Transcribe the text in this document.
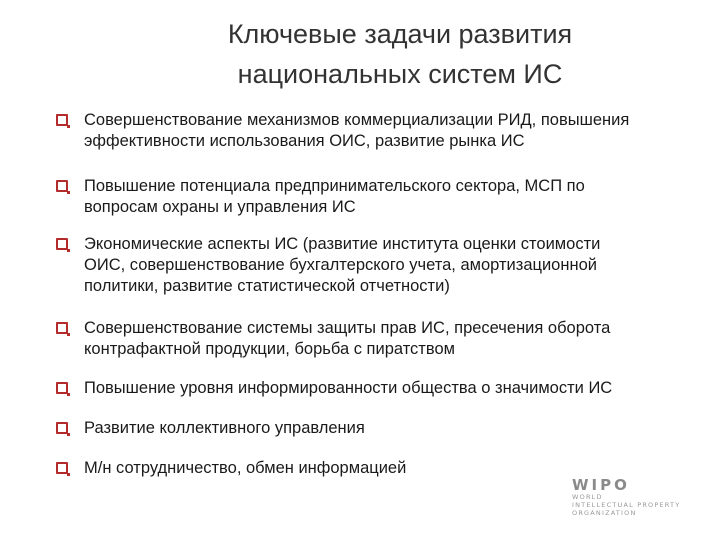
Ключевые задачи развития
национальных систем ИС
Совершенствование механизмов коммерциализации РИД, повышения
эффективности использования ОИС, развитие рынка ИС
Повышение потенциала предпринимательского сектора, МСП по
вопросам охраны и управления ИС
Экономические аспекты ИС (развитие института оценки стоимости
ОИС, совершенствование бухгалтерского учета, амортизационной
политики, развитие статистической отчетности)
Совершенствование системы защиты прав ИС, пресечения оборота
контрафактной продукции, борьба с пиратством
Повышение уровня информированности общества о значимости ИС
Развитие коллективного управления
М/н сотрудничество, обмен информацией
WIPO
WORLD
INTELLECTUAL PROPERTY
ORGANIZATION
